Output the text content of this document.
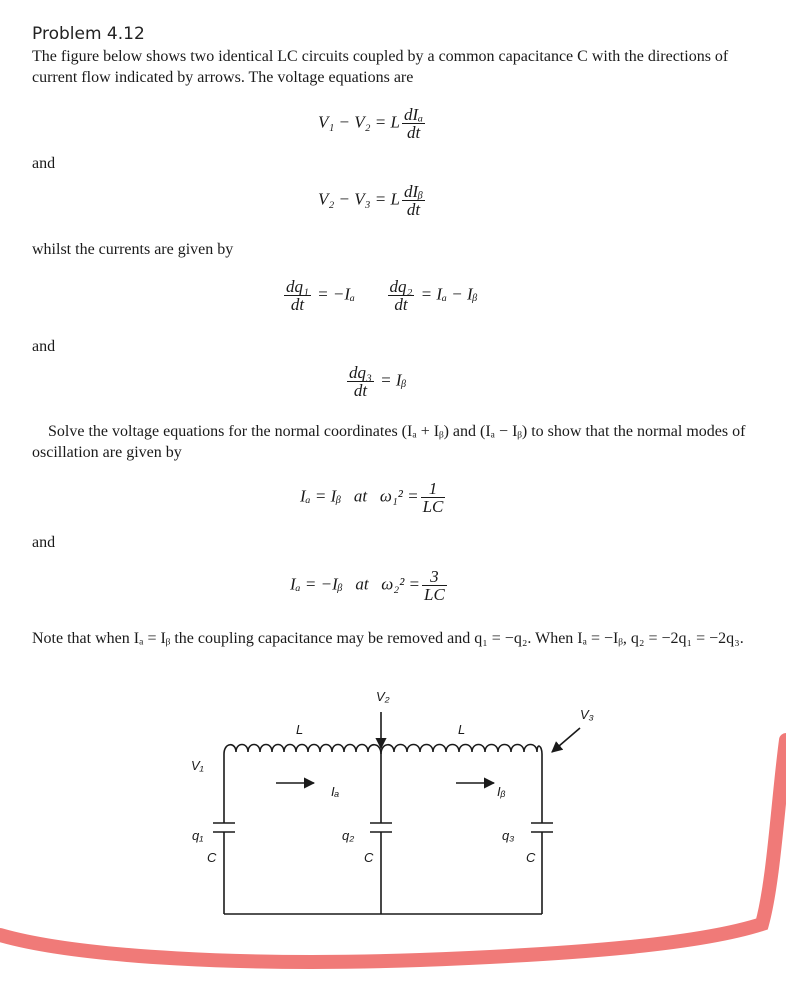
Problem 4.12
The figure below shows two identical LC circuits coupled by a common capacitance C with the directions of current flow indicated by arrows. The voltage equations are
V₁ − V₂ = L $\frac{\text{dIₐ}}{dt}$
and
V₂ − V₃ = L $\frac{\text{dIᵦ}}{dt}$
whilst the currents are given by
$\frac{\text{dq₁}}{dt} = -I_a \frac{\text{dq₂}}{dt} = I_a$ − Iᵦ
and
$\frac{\text{dq₃}}{dt}$ = Iᵦ
Solve the voltage equations for the normal coordinates (Iₐ + Iᵦ) and (Iₐ − Iᵦ) to show that the normal modes of oscillation are given by
Iₐ = Iᵦ   at   $\omega_1^2 = \frac{1}{LC}$
and
Iₐ = −Iᵦ   at   $\omega_2^2 = \frac{3}{LC}$
Note that when Iₐ = Iᵦ the coupling capacitance may be removed and q₁ = −q₂. When Iₐ = −Iᵦ, q₂ = −2q₁ = −2q₃.
V₂
V₃
V₁
L	L
Iₐ	Iᵦ
q₁	q₂	q₃
C	C	C
